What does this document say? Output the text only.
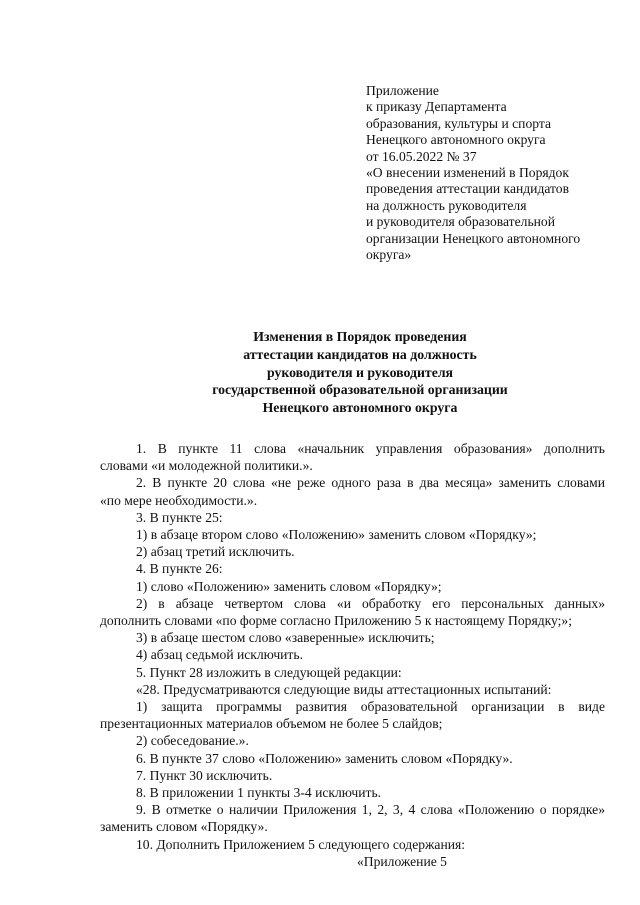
Приложение
к приказу Департамента
образования, культуры и спорта
Ненецкого автономного округа
от 16.05.2022 № 37
«О внесении изменений в Порядок
проведения аттестации кандидатов
на должность руководителя
и руководителя образовательной
организации Ненецкого автономного
округа»
Изменения в Порядок проведения
аттестации кандидатов на должность
руководителя и руководителя
государственной образовательной организации
Ненецкого автономного округа
1. В пункте 11 слова «начальник управления образования» дополнить
словами «и молодежной политики.».
2. В пункте 20 слова «не реже одного раза в два месяца» заменить словами
«по мере необходимости.».
3. В пункте 25:
1) в абзаце втором слово «Положению» заменить словом «Порядку»;
2) абзац третий исключить.
4. В пункте 26:
1) слово «Положению» заменить словом «Порядку»;
2) в абзаце четвертом слова «и обработку его персональных данных»
дополнить словами «по форме согласно Приложению 5 к настоящему Порядку;»;
3) в абзаце шестом слово «заверенные» исключить;
4) абзац седьмой исключить.
5. Пункт 28 изложить в следующей редакции:
«28. Предусматриваются следующие виды аттестационных испытаний:
1) защита программы развития образовательной организации в виде
презентационных материалов объемом не более 5 слайдов;
2) собеседование.».
6. В пункте 37 слово «Положению» заменить словом «Порядку».
7. Пункт 30 исключить.
8. В приложении 1 пункты 3-4 исключить.
9. В отметке о наличии Приложения 1, 2, 3, 4 слова «Положению о порядке»
заменить словом «Порядку».
10. Дополнить Приложением 5 следующего содержания:
«Приложение 5
